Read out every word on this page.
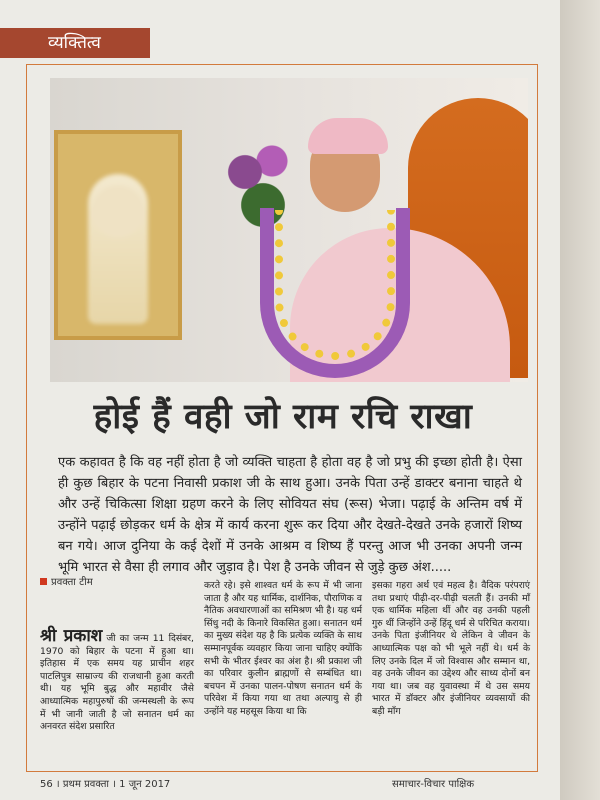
व्यक्तित्व
होई हैं वही जो राम रचि राखा
एक कहावत है कि वह नहीं होता है जो व्यक्ति चाहता है होता वह है जो प्रभु की इच्छा होती है। ऐसा ही कुछ बिहार के पटना निवासी प्रकाश जी के साथ हुआ। उनके पिता उन्हें डाक्टर बनाना चाहते थे और उन्हें चिकित्सा शिक्षा ग्रहण करने के लिए सोवियत संघ (रूस) भेजा। पढ़ाई के अन्तिम वर्ष में उन्होंने पढ़ाई छोड़कर धर्म के क्षेत्र में कार्य करना शुरू कर दिया और देखते-देखते उनके हजारों शिष्य बन गये। आज दुनिया के कई देशों में उनके आश्रम व शिष्य हैं परन्तु आज भी उनका अपनी जन्म भूमि भारत से वैसा ही लगाव और जुड़ाव है। पेश है उनके जीवन से जुड़े कुछ अंश.....
प्रवक्ता टीम
श्री प्रकाश जी का जन्म 11 दिसंबर, 1970 को बिहार के पटना में हुआ था। इतिहास में एक समय यह प्राचीन शहर पाटलिपुत्र साम्राज्य की राजधानी हुआ करती थी। यह भूमि बुद्ध और महावीर जैसे आध्यात्मिक महापुरुषों की जन्मस्थली के रूप में भी जानी जाती है जो सनातन धर्म का अनवरत संदेश प्रसारित
करते रहे। इसे शाश्वत धर्म के रूप में भी जाना जाता है और यह धार्मिक, दार्शनिक, पौराणिक व नैतिक अवधारणाओं का समिश्रण भी है। यह धर्म सिंधु नदी के किनारे विकसित हुआ। सनातन धर्म का मुख्य संदेश यह है कि प्रत्येक व्यक्ति के साथ सम्मानपूर्वक व्यवहार किया जाना चाहिए क्योंकि सभी के भीतर ईश्वर का अंश है। श्री प्रकाश जी का परिवार कुलीन ब्राह्मणों से सम्बंधित था। बचपन में उनका पालन-पोषण सनातन धर्म के परिवेश में किया गया था तथा अल्पायु से ही उन्होंने यह महसूस किया था कि
इसका गहरा अर्थ एवं महत्व है। वैदिक परंपराएं तथा प्रथाएं पीढ़ी-दर-पीढ़ी चलती हैं। उनकी माँ एक धार्मिक महिला थीं और वह उनकी पहली गुरु थीं जिन्होंने उन्हें हिंदू धर्म से परिचित कराया। उनके पिता इंजीनियर थे लेकिन वे जीवन के आध्यात्मिक पक्ष को भी भूले नहीं थे। धर्म के लिए उनके दिल में जो विश्वास और सम्मान था, वह उनके जीवन का उद्देश्य और साध्य दोनों बन गया था। जब वह युवावस्था में थे उस समय भारत में डॉक्टर और इंजीनियर व्यवसायों की बड़ी माँग
56 । प्रथम प्रवक्ता । 1 जून 2017	समाचार-विचार पाक्षिक
